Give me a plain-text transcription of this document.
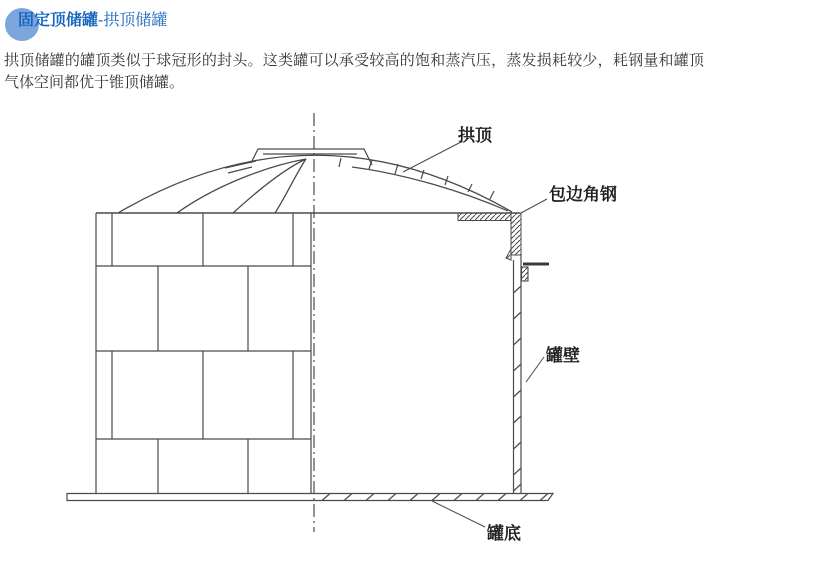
固定顶储罐-拱顶储罐
拱顶储罐的罐顶类似于球冠形的封头。这类罐可以承受较高的饱和蒸汽压，蒸发损耗较少，耗钢量和罐顶气体空间都优于锥顶储罐。
拱顶
包边角钢
罐壁
罐底
